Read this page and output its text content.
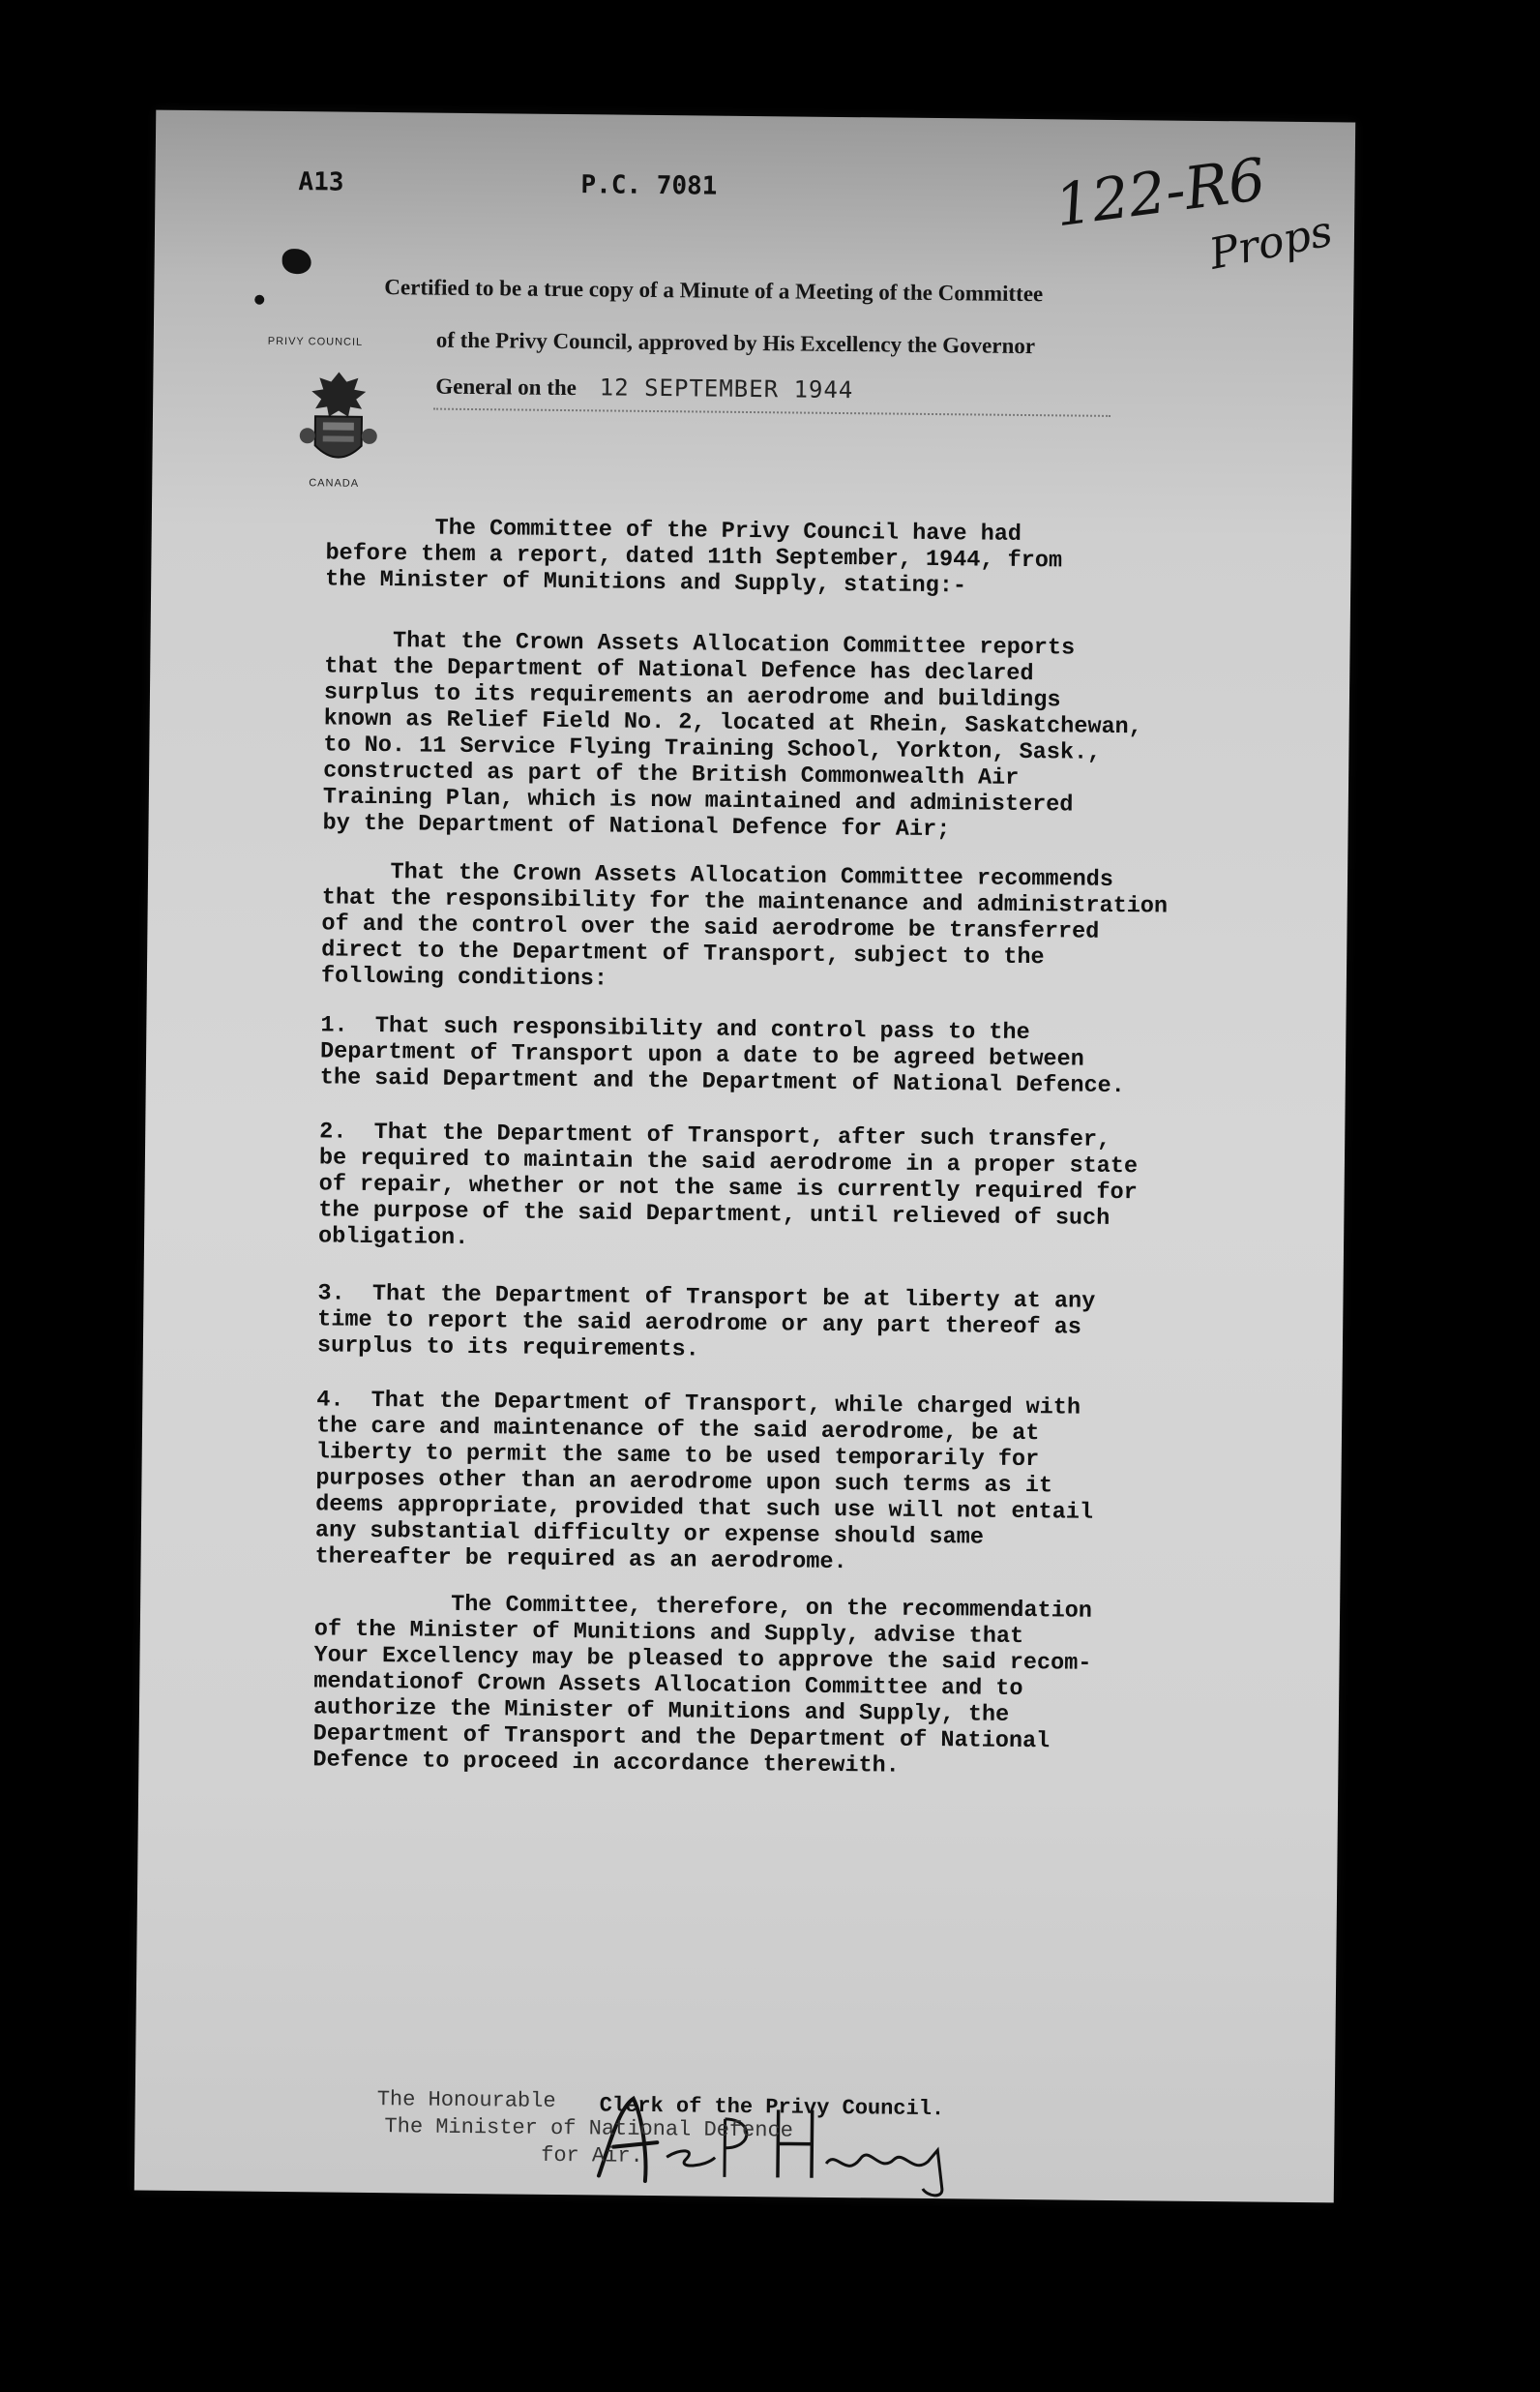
A13	P.C. 7081	122-R6
Props
PRIVY COUNCIL
CANADA
Certified to be a true copy of a Minute of a Meeting of the Committee
of the Privy Council, approved by His Excellency the Governor
General on the 12 SEPTEMBER 1944
The Committee of the Privy Council have had
before them a report, dated 11th September, 1944, from
the Minister of Munitions and Supply, stating:-
That the Crown Assets Allocation Committee reports
that the Department of National Defence has declared
surplus to its requirements an aerodrome and buildings
known as Relief Field No. 2, located at Rhein, Saskatchewan,
to No. 11 Service Flying Training School, Yorkton, Sask.,
constructed as part of the British Commonwealth Air
Training Plan, which is now maintained and administered
by the Department of National Defence for Air;
That the Crown Assets Allocation Committee recommends
that the responsibility for the maintenance and administration
of and the control over the said aerodrome be transferred
direct to the Department of Transport, subject to the
following conditions:
1.  That such responsibility and control pass to the
Department of Transport upon a date to be agreed between
the said Department and the Department of National Defence.
2.  That the Department of Transport, after such transfer,
be required to maintain the said aerodrome in a proper state
of repair, whether or not the same is currently required for
the purpose of the said Department, until relieved of such
obligation.
3.  That the Department of Transport be at liberty at any
time to report the said aerodrome or any part thereof as
surplus to its requirements.
4.  That the Department of Transport, while charged with
the care and maintenance of the said aerodrome, be at
liberty to permit the same to be used temporarily for
purposes other than an aerodrome upon such terms as it
deems appropriate, provided that such use will not entail
any substantial difficulty or expense should same
thereafter be required as an aerodrome.
The Committee, therefore, on the recommendation
of the Minister of Munitions and Supply, advise that
Your Excellency may be pleased to approve the said recom-
mendationof Crown Assets Allocation Committee and to
authorize the Minister of Munitions and Supply, the
Department of Transport and the Department of National
Defence to proceed in accordance therewith.
Clerk of the Privy Council.
The Honourable
The Minister of National Defence
for Air.
